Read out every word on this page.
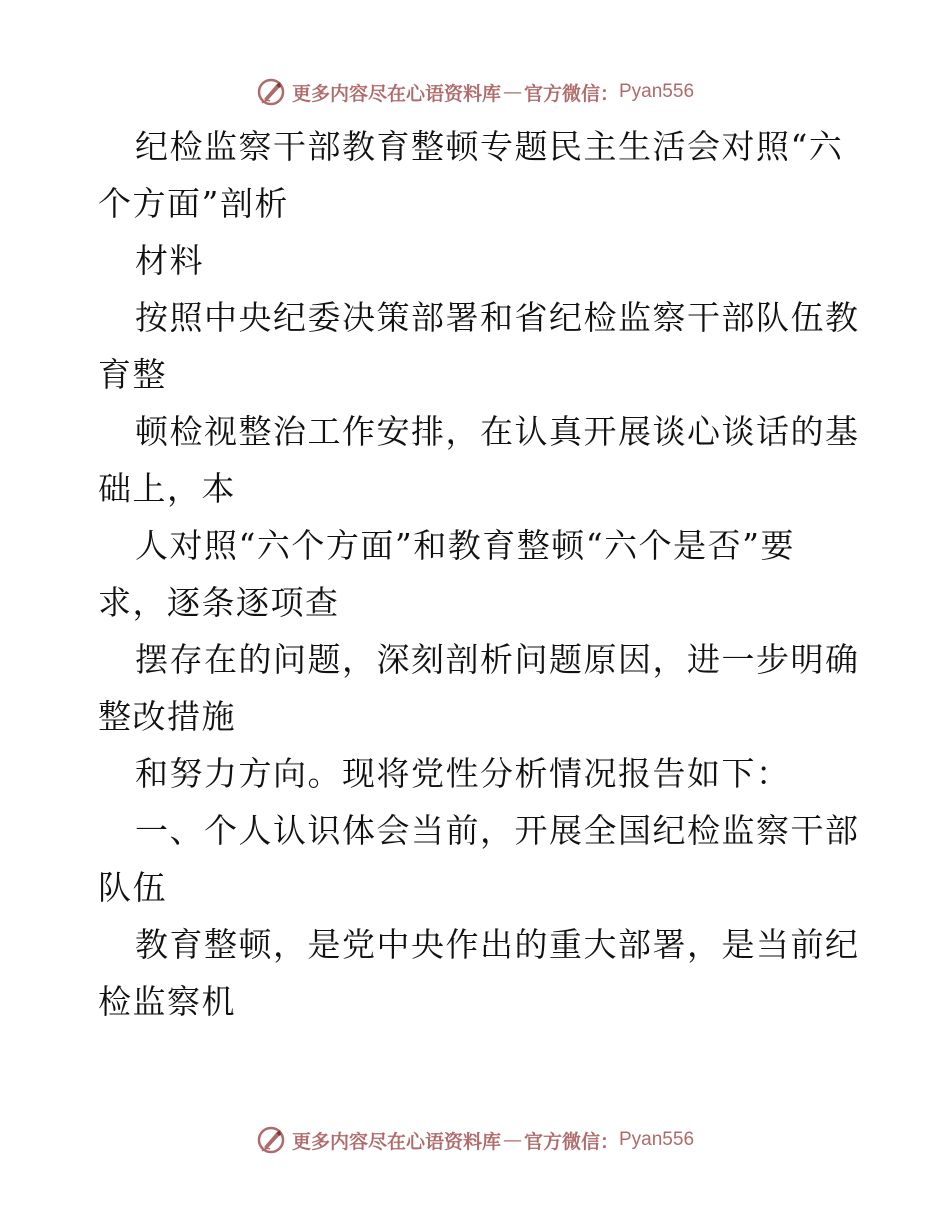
更多内容尽在心语资料库 — 官方微信： Pyan556
纪检监察干部教育整顿专题民主生活会对照“六
个方面”剖析
材料
按照中央纪委决策部署和省纪检监察干部队伍教
育整
顿检视整治工作安排，在认真开展谈心谈话的基
础上，本
人对照“六个方面”和教育整顿“六个是否”要
求，逐条逐项查
摆存在的问题，深刻剖析问题原因，进一步明确
整改措施
和努力方向。现将党性分析情况报告如下：
一、个人认识体会当前，开展全国纪检监察干部
队伍
教育整顿，是党中央作出的重大部署，是当前纪
检监察机
更多内容尽在心语资料库 — 官方微信： Pyan556
